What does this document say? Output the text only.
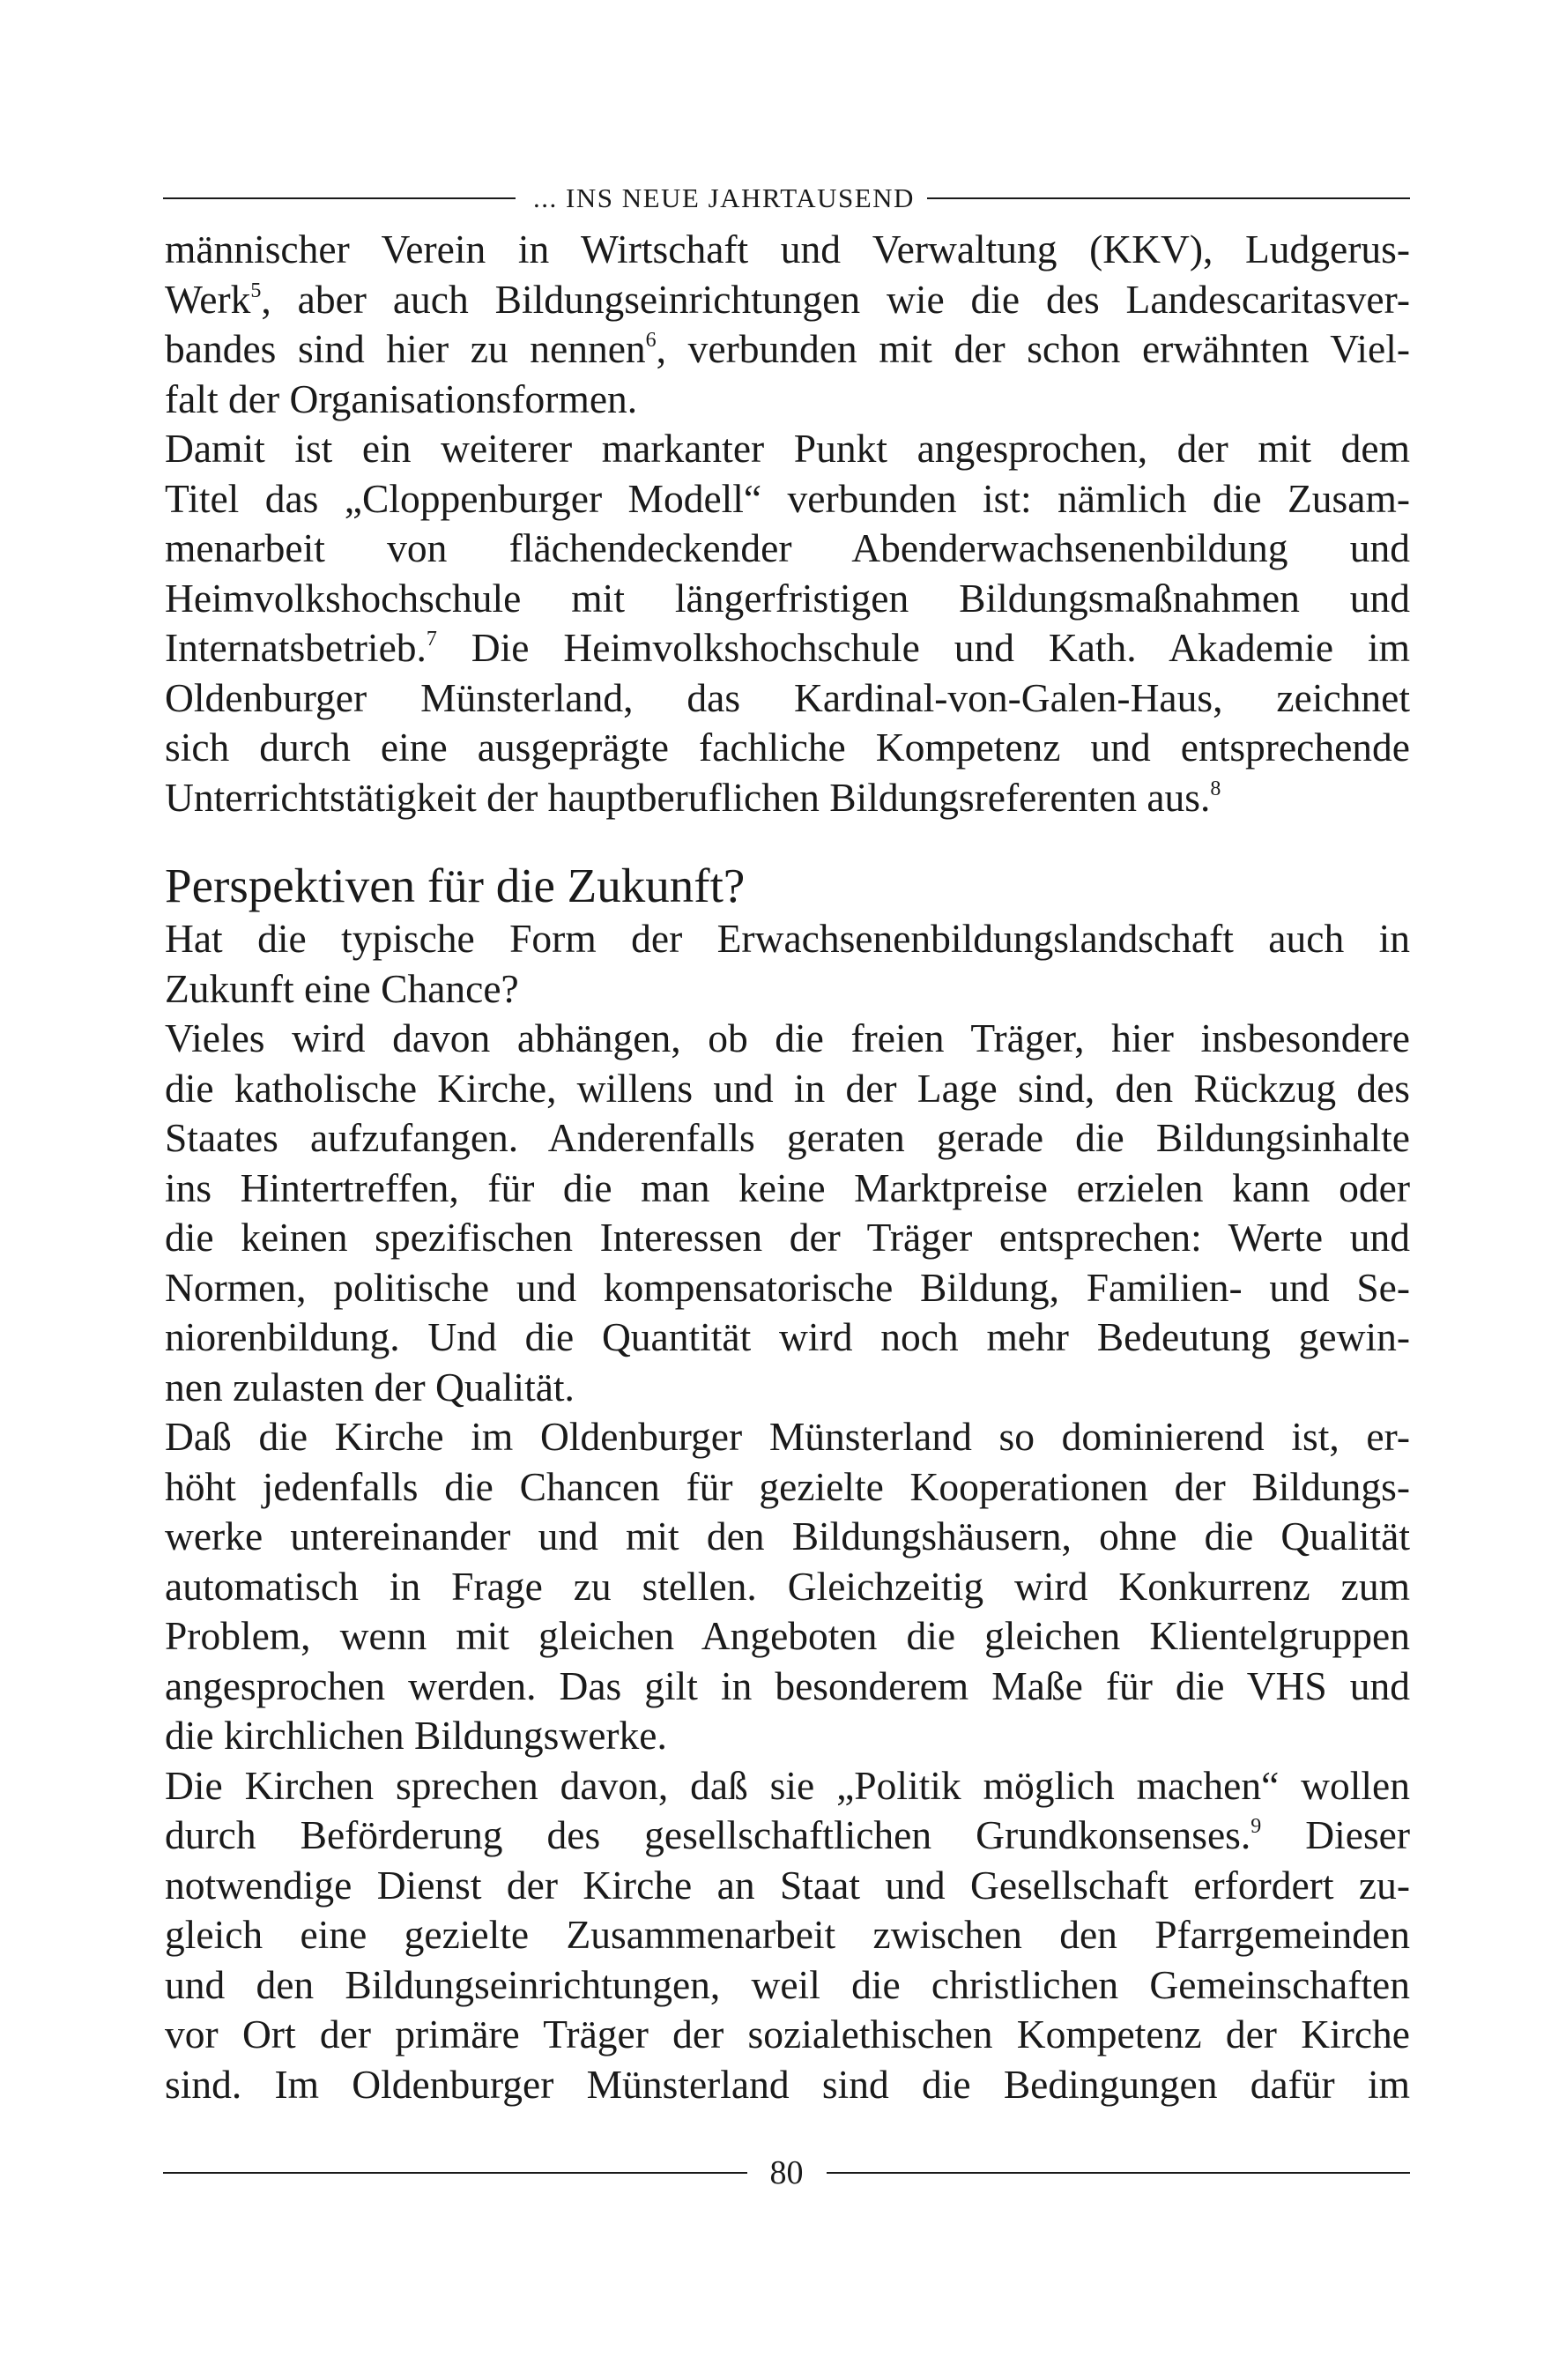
... INS NEUE JAHRTAUSEND

männischer Verein in Wirtschaft und Verwaltung (KKV), Ludgerus-
Werk$^5$, aber auch Bildungseinrichtungen wie die des Landescaritasver-
bandes sind hier zu nennen$^6$, verbunden mit der schon erwähnten Viel-
falt der Organisationsformen.

Damit ist ein weiterer markanter Punkt angesprochen, der mit dem
Titel das „Cloppenburger Modell“ verbunden ist: nämlich die Zusam-
menarbeit von flächendeckender Abenderwachsenenbildung und
Heimvolkshochschule mit längerfristigen Bildungsmaßnahmen und
Internatsbetrieb.$^7$ Die Heimvolkshochschule und Kath. Akademie im
Oldenburger Münsterland, das Kardinal-von-Galen-Haus, zeichnet
sich durch eine ausgeprägte fachliche Kompetenz und entsprechende
Unterrichtstätigkeit der hauptberuflichen Bildungsreferenten aus.$^8$

Perspektiven für die Zukunft?

Hat die typische Form der Erwachsenenbildungslandschaft auch in
Zukunft eine Chance?

Vieles wird davon abhängen, ob die freien Träger, hier insbesondere
die katholische Kirche, willens und in der Lage sind, den Rückzug des
Staates aufzufangen. Anderenfalls geraten gerade die Bildungsinhalte
ins Hintertreffen, für die man keine Marktpreise erzielen kann oder
die keinen spezifischen Interessen der Träger entsprechen: Werte und
Normen, politische und kompensatorische Bildung, Familien- und Se-
niorenbildung. Und die Quantität wird noch mehr Bedeutung gewin-
nen zulasten der Qualität.

Daß die Kirche im Oldenburger Münsterland so dominierend ist, er-
höht jedenfalls die Chancen für gezielte Kooperationen der Bildungs-
werke untereinander und mit den Bildungshäusern, ohne die Qualität
automatisch in Frage zu stellen. Gleichzeitig wird Konkurrenz zum
Problem, wenn mit gleichen Angeboten die gleichen Klientelgruppen
angesprochen werden. Das gilt in besonderem Maße für die VHS und
die kirchlichen Bildungswerke.

Die Kirchen sprechen davon, daß sie „Politik möglich machen“ wollen
durch Beförderung des gesellschaftlichen Grundkonsenses.$^9$ Dieser
notwendige Dienst der Kirche an Staat und Gesellschaft erfordert zu-
gleich eine gezielte Zusammenarbeit zwischen den Pfarrgemeinden
und den Bildungseinrichtungen, weil die christlichen Gemeinschaften
vor Ort der primäre Träger der sozialethischen Kompetenz der Kirche
sind. Im Oldenburger Münsterland sind die Bedingungen dafür im

80
